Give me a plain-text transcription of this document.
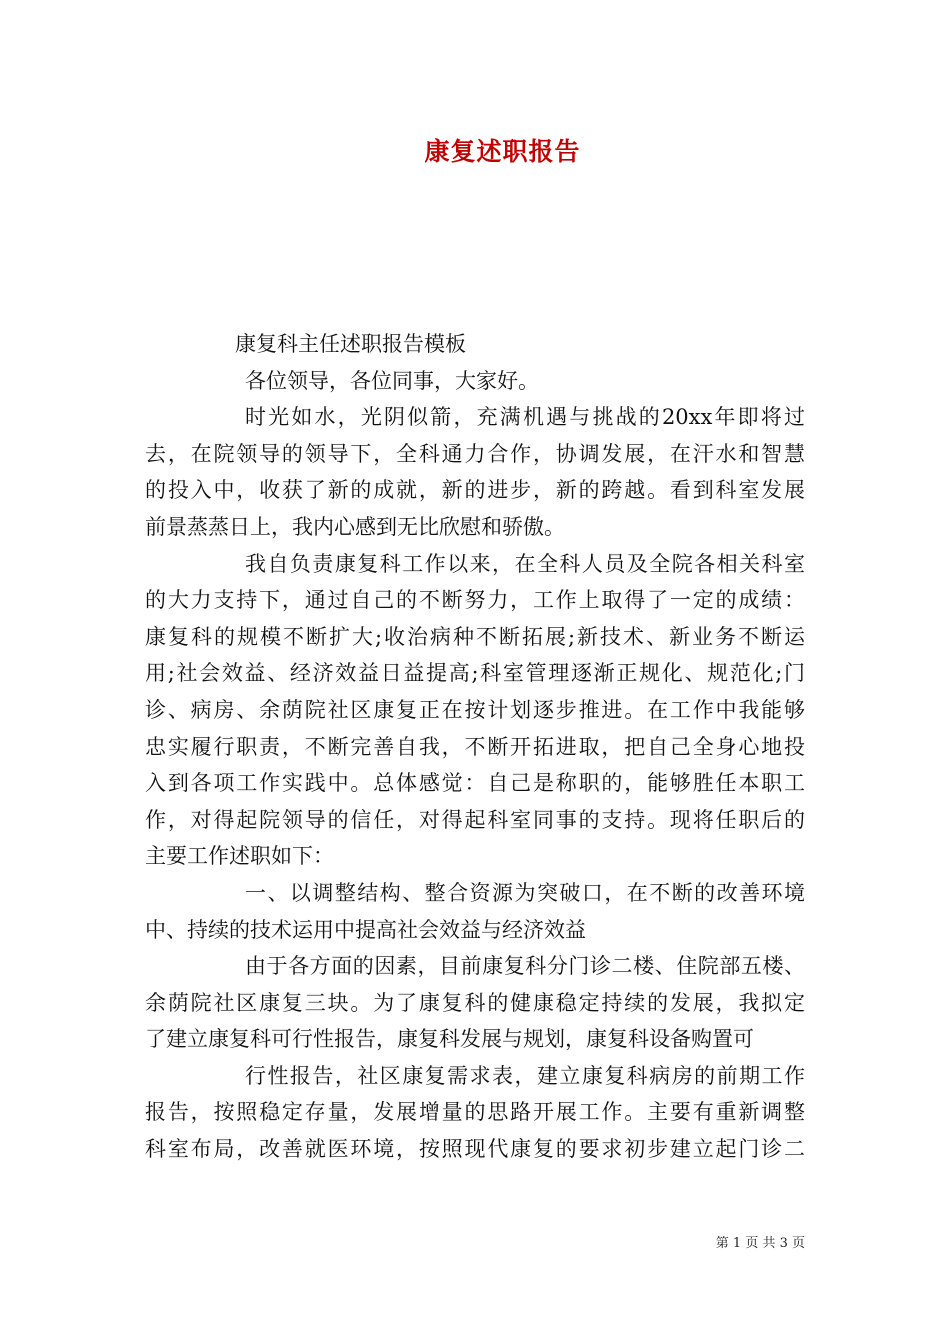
康复述职报告
康复科主任述职报告模板
各位领导，各位同事，大家好。
时光如水，光阴似箭，充满机遇与挑战的20xx年即将过
去，在院领导的领导下，全科通力合作，协调发展，在汗水和智慧
的投入中，收获了新的成就，新的进步，新的跨越。看到科室发展
前景蒸蒸日上，我内心感到无比欣慰和骄傲。
我自负责康复科工作以来，在全科人员及全院各相关科室
的大力支持下，通过自己的不断努力，工作上取得了一定的成绩：
康复科的规模不断扩大;收治病种不断拓展;新技术、新业务不断运
用;社会效益、经济效益日益提高;科室管理逐渐正规化、规范化;门
诊、病房、余荫院社区康复正在按计划逐步推进。在工作中我能够
忠实履行职责，不断完善自我，不断开拓进取，把自己全身心地投
入到各项工作实践中。总体感觉：自己是称职的，能够胜任本职工
作，对得起院领导的信任，对得起科室同事的支持。现将任职后的
主要工作述职如下：
一、以调整结构、整合资源为突破口，在不断的改善环境
中、持续的技术运用中提高社会效益与经济效益
由于各方面的因素，目前康复科分门诊二楼、住院部五楼、
余荫院社区康复三块。为了康复科的健康稳定持续的发展，我拟定
了建立康复科可行性报告，康复科发展与规划，康复科设备购置可
行性报告，社区康复需求表，建立康复科病房的前期工作
报告，按照稳定存量，发展增量的思路开展工作。主要有重新调整
科室布局，改善就医环境，按照现代康复的要求初步建立起门诊二
第 1 页 共 3 页
